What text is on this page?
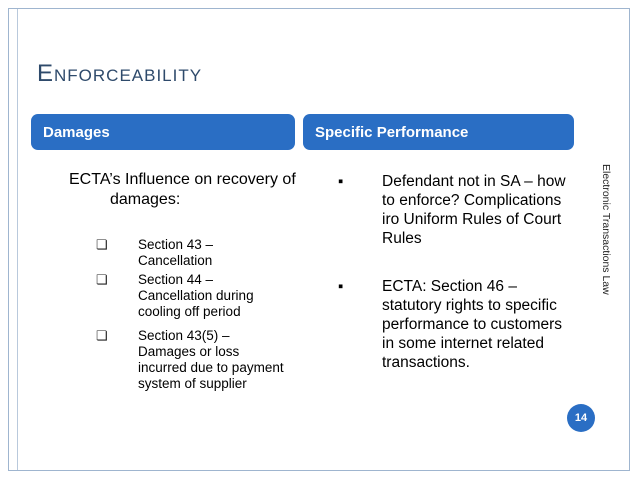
Enforceability
Damages	Specific Performance
ECTA’s Influence on recovery of damages:
❏ Section 43 – Cancellation
❏ Section 44 – Cancellation during cooling off period
❏ Section 43(5) – Damages or loss incurred due to payment system of supplier
▪ Defendant not in SA – how to enforce? Complications iro Uniform Rules of Court Rules
▪ ECTA: Section 46 – statutory rights to specific performance to customers in some internet related transactions.
Electronic Transactions Law
14
